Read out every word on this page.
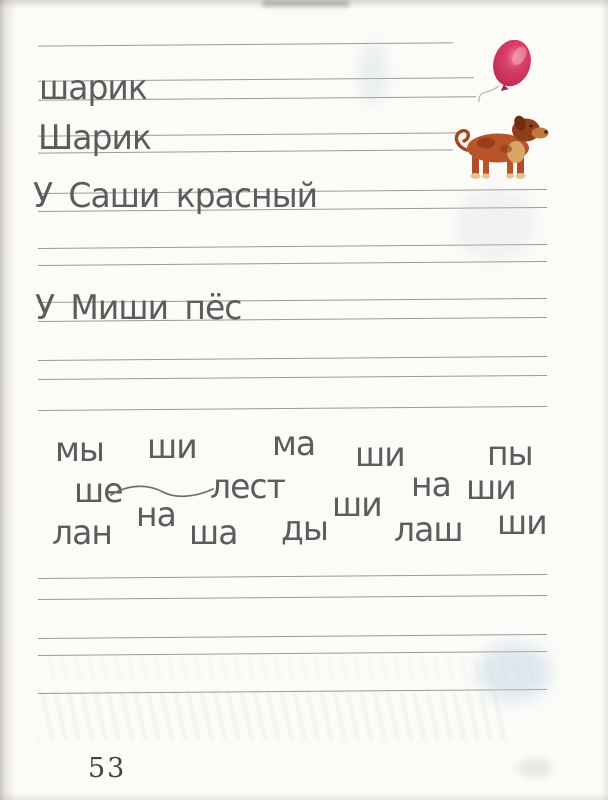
шарик
Шарик
У Саши красный
У Миши пёс
мы ши ма ши пы
ше	лест	на ши
ши
на
лан ша ды лаш ши
53
